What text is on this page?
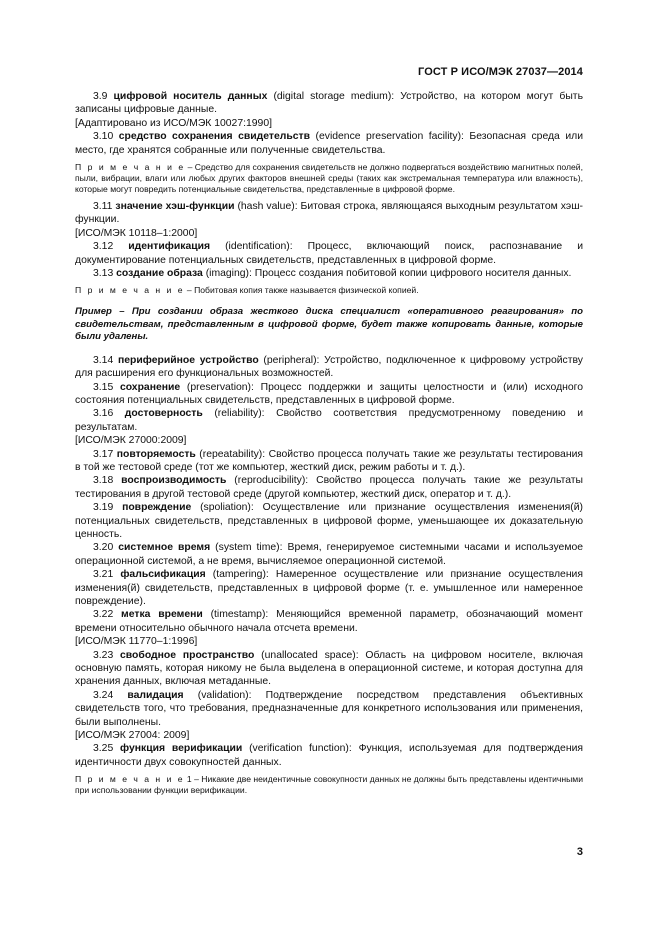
ГОСТ Р ИСО/МЭК 27037—2014

3.9 цифровой носитель данных (digital storage medium): Устройство, на котором могут быть записаны цифровые данные.

[Адаптировано из ИСО/МЭК 10027:1990]

3.10 средство сохранения свидетельств (evidence preservation facility): Безопасная среда или место, где хранятся собранные или полученные свидетельства.

П р и м е ч а н и е – Средство для сохранения свидетельств не должно подвергаться воздействию магнитных полей, пыли, вибрации, влаги или любых других факторов внешней среды (таких как экстремальная температура или влажность), которые могут повредить потенциальные свидетельства, представленные в цифровой форме.

3.11 значение хэш-функции (hash value): Битовая строка, являющаяся выходным результатом хэш-функции.

[ИСО/МЭК 10118–1:2000]

3.12 идентификация (identification): Процесс, включающий поиск, распознавание и документирование потенциальных свидетельств, представленных в цифровой форме.

3.13 создание образа (imaging): Процесс создания побитовой копии цифрового носителя данных.

П р и м е ч а н и е – Побитовая копия также называется физической копией.

Пример – При создании образа жесткого диска специалист «оперативного реагирования» по свидетельствам, представленным в цифровой форме, будет также копировать данные, которые были удалены.

3.14 периферийное устройство (peripheral): Устройство, подключенное к цифровому устройству для расширения его функциональных возможностей.

3.15 сохранение (preservation): Процесс поддержки и защиты целостности и (или) исходного состояния потенциальных свидетельств, представленных в цифровой форме.

3.16 достоверность (reliability): Свойство соответствия предусмотренному поведению и результатам.

[ИСО/МЭК 27000:2009]

3.17 повторяемость (repeatability): Свойство процесса получать такие же результаты тестирования в той же тестовой среде (тот же компьютер, жесткий диск, режим работы и т. д.).

3.18 воспроизводимость (reproducibility): Свойство процесса получать такие же результаты тестирования в другой тестовой среде (другой компьютер, жесткий диск, оператор и т. д.).

3.19 повреждение (spoliation): Осуществление или признание осуществления изменения(й) потенциальных свидетельств, представленных в цифровой форме, уменьшающее их доказательную ценность.

3.20 системное время (system time): Время, генерируемое системными часами и используемое операционной системой, а не время, вычисляемое операционной системой.

3.21 фальсификация (tampering): Намеренное осуществление или признание осуществления изменения(й) свидетельств, представленных в цифровой форме (т. е. умышленное или намеренное повреждение).

3.22 метка времени (timestamp): Меняющийся временной параметр, обозначающий момент времени относительно обычного начала отсчета времени.

[ИСО/МЭК 11770–1:1996]

3.23 свободное пространство (unallocated space): Область на цифровом носителе, включая основную память, которая никому не была выделена в операционной системе, и которая доступна для хранения данных, включая метаданные.

3.24 валидация (validation): Подтверждение посредством представления объективных свидетельств того, что требования, предназначенные для конкретного использования или применения, были выполнены.

[ИСО/МЭК 27004: 2009]

3.25 функция верификации (verification function): Функция, используемая для подтверждения идентичности двух совокупностей данных.

П р и м е ч а н и е 1 – Никакие две неидентичные совокупности данных не должны быть представлены идентичными при использовании функции верификации.

3
